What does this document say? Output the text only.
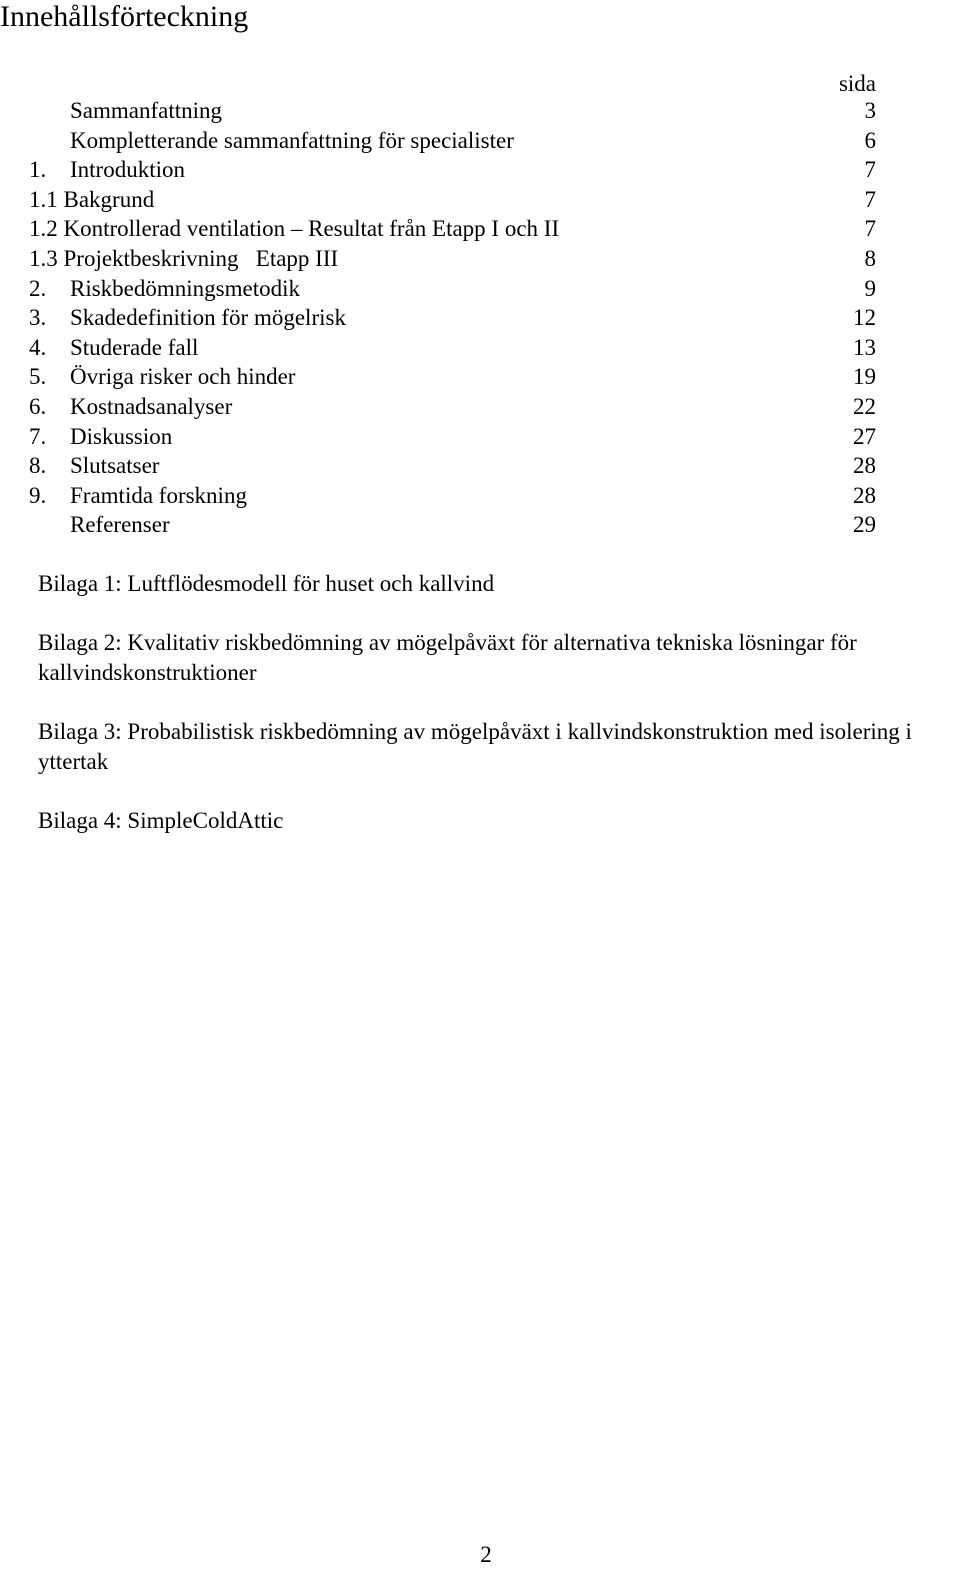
Innehållsförteckning
sida
Sammanfattning	3
Kompletterande sammanfattning för specialister	6
1. Introduktion	7
1.1 Bakgrund	7
1.2 Kontrollerad ventilation – Resultat från Etapp I och II	7
1.3 Projektbeskrivning   Etapp III	8
2. Riskbedömningsmetodik	9
3. Skadedefinition för mögelrisk	12
4. Studerade fall	13
5. Övriga risker och hinder	19
6. Kostnadsanalyser	22
7. Diskussion	27
8. Slutsatser	28
9. Framtida forskning	28
Referenser	29

Bilaga 1: Luftflödesmodell för huset och kallvind

Bilaga 2: Kvalitativ riskbedömning av mögelpåväxt för alternativa tekniska lösningar för kallvindskonstruktioner

Bilaga 3: Probabilistisk riskbedömning av mögelpåväxt i kallvindskonstruktion med isolering i yttertak

Bilaga 4: SimpleColdAttic

2
